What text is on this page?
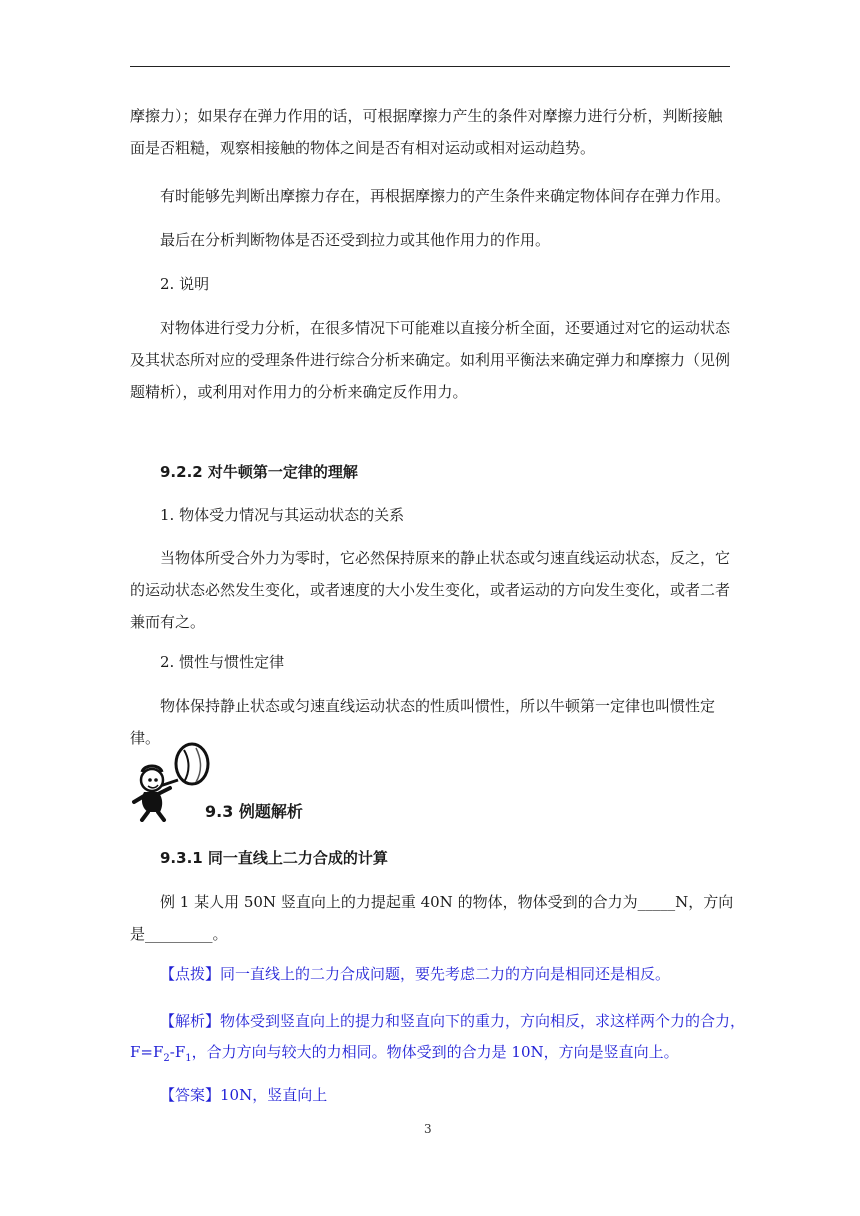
摩擦力）；如果存在弹力作用的话，可根据摩擦力产生的条件对摩擦力进行分析，判断接触面是否粗糙，观察相接触的物体之间是否有相对运动或相对运动趋势。

有时能够先判断出摩擦力存在，再根据摩擦力的产生条件来确定物体间存在弹力作用。

最后在分析判断物体是否还受到拉力或其他作用力的作用。

2. 说明

对物体进行受力分析，在很多情况下可能难以直接分析全面，还要通过对它的运动状态及其状态所对应的受理条件进行综合分析来确定。如利用平衡法来确定弹力和摩擦力（见例题精析），或利用对作用力的分析来确定反作用力。

9.2.2 对牛顿第一定律的理解
1. 物体受力情况与其运动状态的关系

当物体所受合外力为零时，它必然保持原来的静止状态或匀速直线运动状态，反之，它的运动状态必然发生变化，或者速度的大小发生变化，或者运动的方向发生变化，或者二者兼而有之。

2. 惯性与惯性定律

物体保持静止状态或匀速直线运动状态的性质叫惯性，所以牛顿第一定律也叫惯性定律。

9.3 例题解析
9.3.1 同一直线上二力合成的计算

例 1 某人用 50N 竖直向上的力提起重 40N 的物体，物体受到的合力为_____N，方向是_________。

【点拨】同一直线上的二力合成问题，要先考虑二力的方向是相同还是相反。
【解析】物体受到竖直向上的提力和竖直向下的重力，方向相反，求这样两个力的合力，
$F=F_2-F_1$，合力方向与较大的力相同。物体受到的合力是 10N，方向是竖直向上。
【答案】10N，竖直向上
3
